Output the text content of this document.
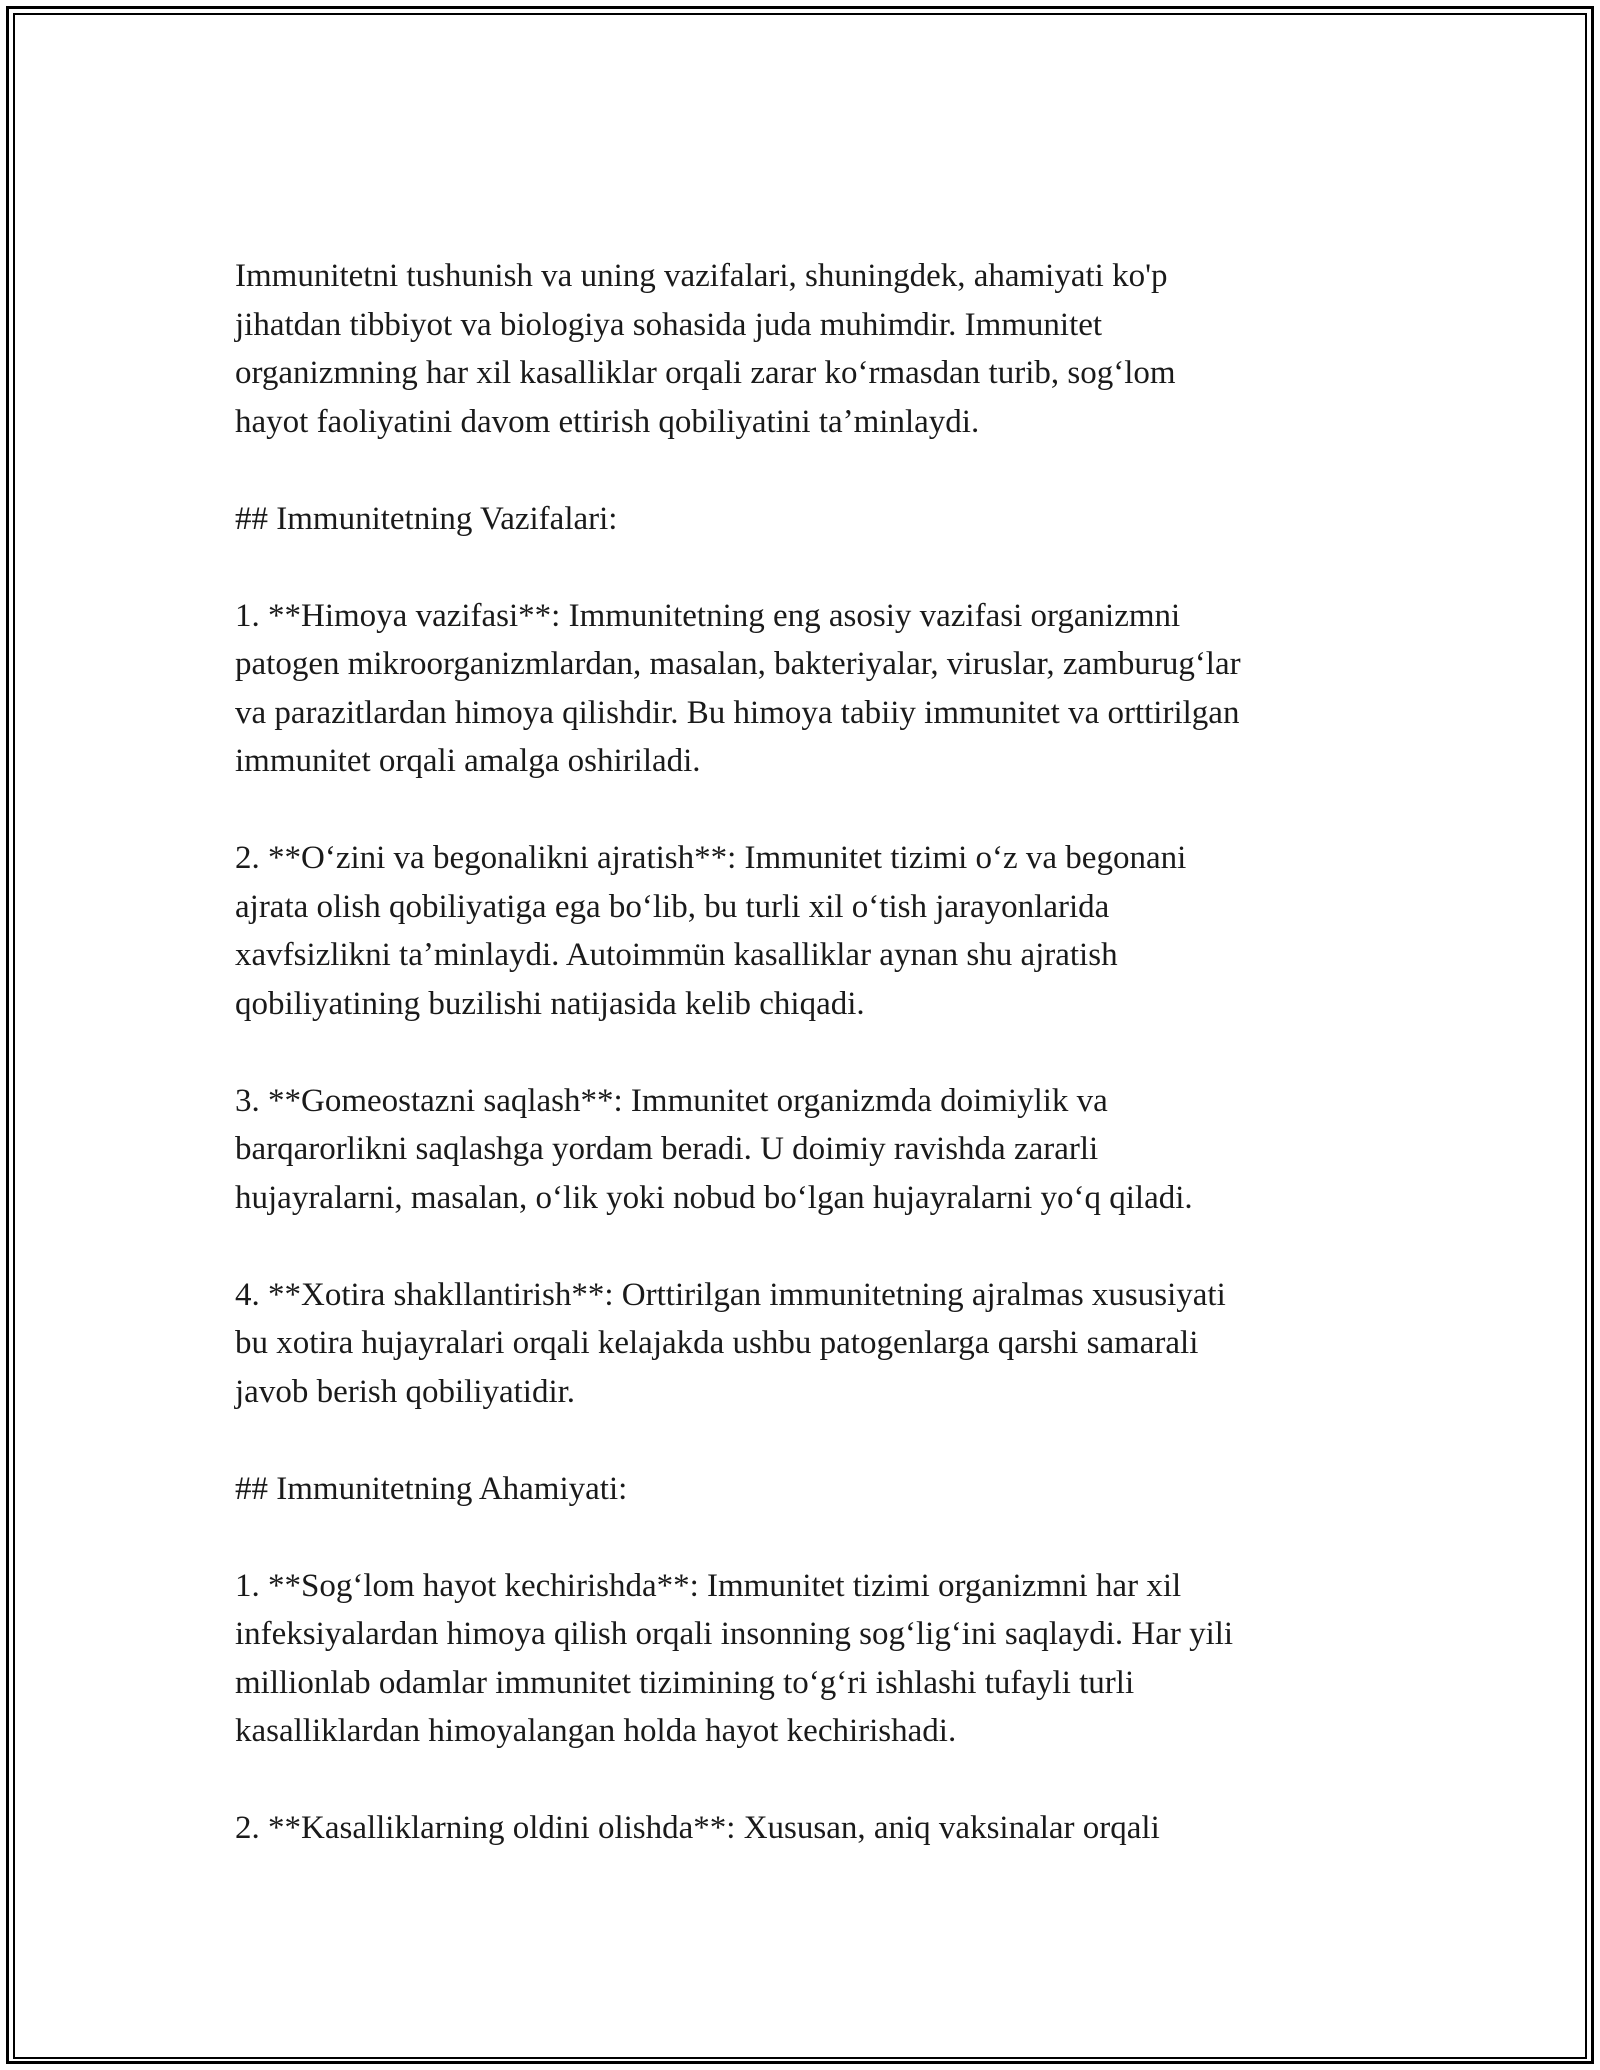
Immunitetni tushunish va uning vazifalari, shuningdek, ahamiyati ko'p
jihatdan tibbiyot va biologiya sohasida juda muhimdir. Immunitet
organizmning har xil kasalliklar orqali zarar koʻrmasdan turib, sogʻlom
hayot faoliyatini davom ettirish qobiliyatini taʼminlaydi.

## Immunitetning Vazifalari:

1. **Himoya vazifasi**: Immunitetning eng asosiy vazifasi organizmni
patogen mikroorganizmlardan, masalan, bakteriyalar, viruslar, zamburugʻlar
va parazitlardan himoya qilishdir. Bu himoya tabiiy immunitet va orttirilgan
immunitet orqali amalga oshiriladi.

2. **Oʻzini va begonalikni ajratish**: Immunitet tizimi oʻz va begonani
ajrata olish qobiliyatiga ega boʻlib, bu turli xil oʻtish jarayonlarida
xavfsizlikni taʼminlaydi. Autoimmün kasalliklar aynan shu ajratish
qobiliyatining buzilishi natijasida kelib chiqadi.

3. **Gomeostazni saqlash**: Immunitet organizmda doimiylik va
barqarorlikni saqlashga yordam beradi. U doimiy ravishda zararli
hujayralarni, masalan, oʻlik yoki nobud boʻlgan hujayralarni yoʻq qiladi.

4. **Xotira shakllantirish**: Orttirilgan immunitetning ajralmas xususiyati
bu xotira hujayralari orqali kelajakda ushbu patogenlarga qarshi samarali
javob berish qobiliyatidir.

## Immunitetning Ahamiyati:

1. **Sogʻlom hayot kechirishda**: Immunitet tizimi organizmni har xil
infeksiyalardan himoya qilish orqali insonning sogʻligʻini saqlaydi. Har yili
millionlab odamlar immunitet tizimining toʻgʻri ishlashi tufayli turli
kasalliklardan himoyalangan holda hayot kechirishadi.

2. **Kasalliklarning oldini olishda**: Xususan, aniq vaksinalar orqali
